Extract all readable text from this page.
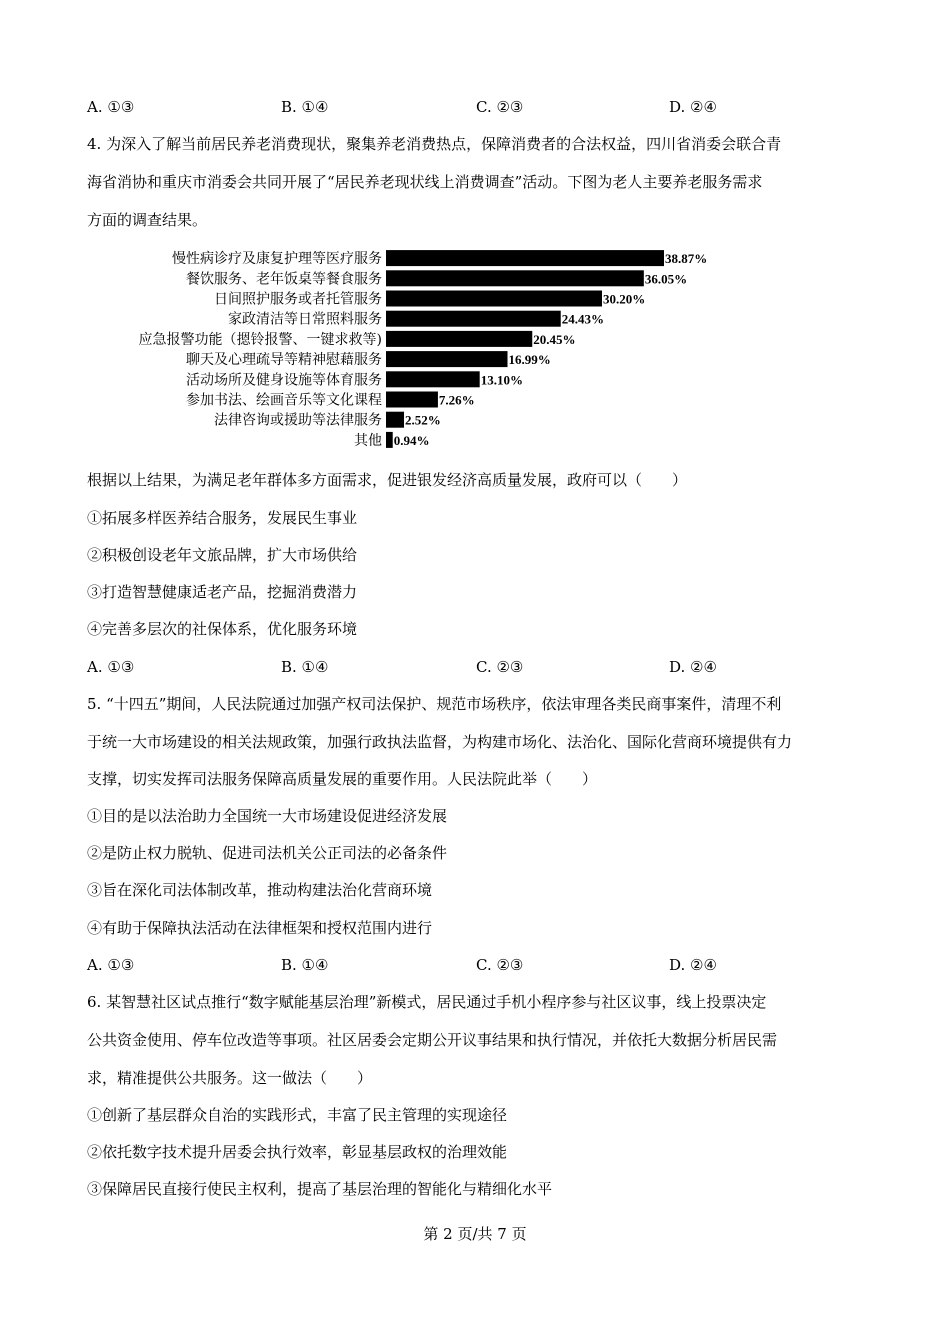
A. ①③	B. ①④	C. ②③	D. ②④
4. 为深入了解当前居民养老消费现状，聚集养老消费热点，保障消费者的合法权益，四川省消委会联合青
海省消协和重庆市消委会共同开展了“居民养老现状线上消费调查”活动。下图为老人主要养老服务需求
方面的调查结果。
慢性病诊疗及康复护理等医疗服务	38.87%
餐饮服务、老年饭桌等餐食服务	36.05%
日间照护服务或者托管服务	30.20%
家政清洁等日常照料服务	24.43%
应急报警功能（摁铃报警、一键求救等)	20.45%
聊天及心理疏导等精神慰藉服务	16.99%
活动场所及健身设施等体育服务	13.10%
参加书法、绘画音乐等文化课程	7.26%
法律咨询或援助等法律服务 2.52%
其他 0.94%
根据以上结果，为满足老年群体多方面需求，促进银发经济高质量发展，政府可以（　　）
①拓展多样医养结合服务，发展民生事业
②积极创设老年文旅品牌，扩大市场供给
③打造智慧健康适老产品，挖掘消费潜力
④完善多层次的社保体系，优化服务环境
A. ①③	B. ①④	C. ②③	D. ②④
5. “十四五”期间，人民法院通过加强产权司法保护、规范市场秩序，依法审理各类民商事案件，清理不利
于统一大市场建设的相关法规政策，加强行政执法监督，为构建市场化、法治化、国际化营商环境提供有力
支撑，切实发挥司法服务保障高质量发展的重要作用。人民法院此举（　　）
①目的是以法治助力全国统一大市场建设促进经济发展
②是防止权力脱轨、促进司法机关公正司法的必备条件
③旨在深化司法体制改革，推动构建法治化营商环境
④有助于保障执法活动在法律框架和授权范围内进行
A. ①③	B. ①④	C. ②③	D. ②④
6. 某智慧社区试点推行“数字赋能基层治理”新模式，居民通过手机小程序参与社区议事，线上投票决定
公共资金使用、停车位改造等事项。社区居委会定期公开议事结果和执行情况，并依托大数据分析居民需
求，精准提供公共服务。这一做法（　　）
①创新了基层群众自治的实践形式，丰富了民主管理的实现途径
②依托数字技术提升居委会执行效率，彰显基层政权的治理效能
③保障居民直接行使民主权利，提高了基层治理的智能化与精细化水平
第 2 页/共 7 页
